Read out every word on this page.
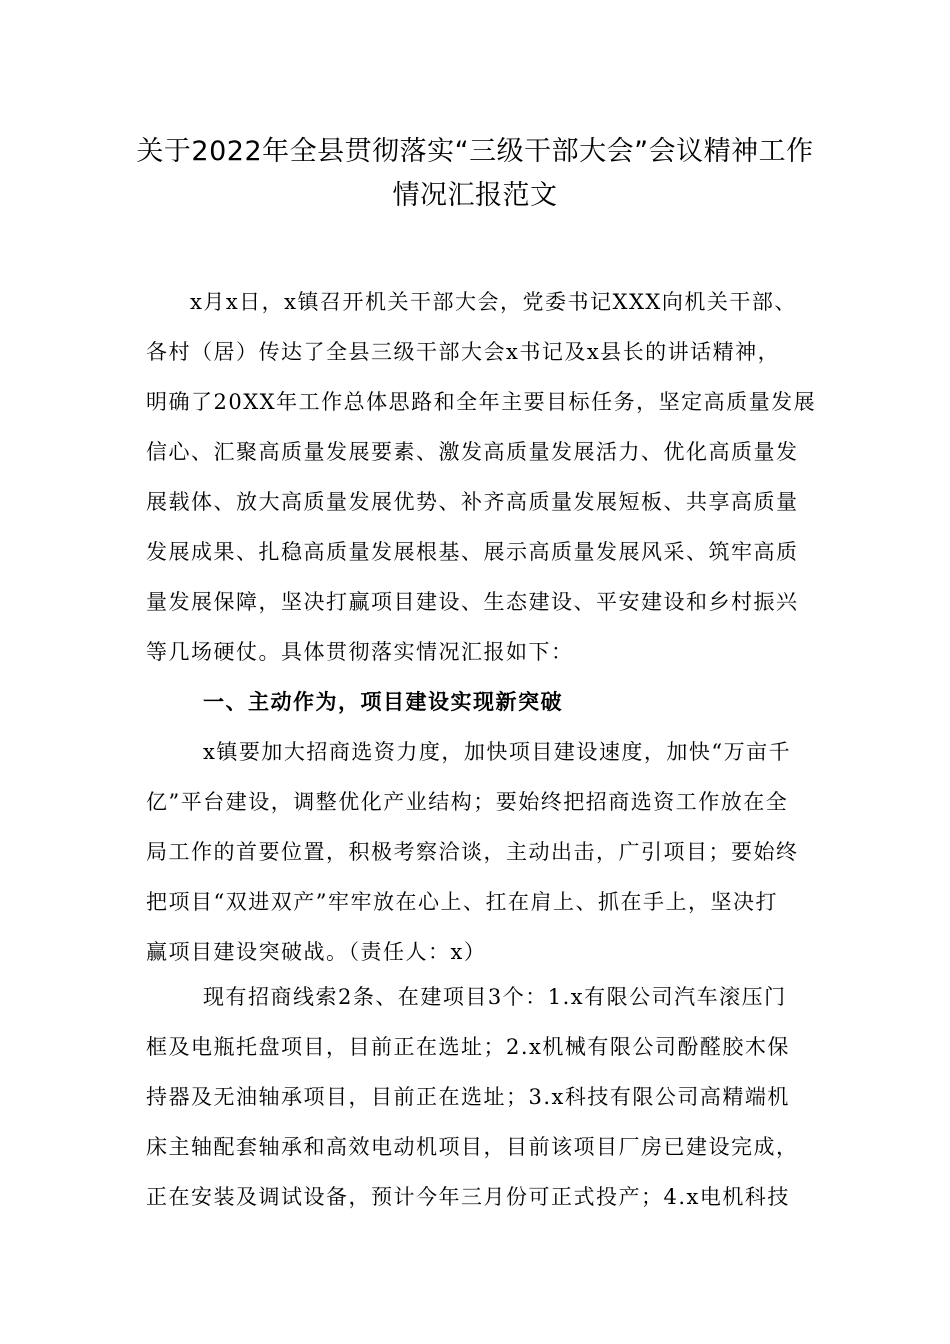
关于2022年全县贯彻落实“三级干部大会”会议精神工作
情况汇报范文
x月x日，x镇召开机关干部大会，党委书记XXX向机关干部、
各村（居）传达了全县三级干部大会x书记及x县长的讲话精神，
明确了20XX年工作总体思路和全年主要目标任务，坚定高质量发展
信心、汇聚高质量发展要素、激发高质量发展活力、优化高质量发
展载体、放大高质量发展优势、补齐高质量发展短板、共享高质量
发展成果、扎稳高质量发展根基、展示高质量发展风采、筑牢高质
量发展保障，坚决打赢项目建设、生态建设、平安建设和乡村振兴
等几场硬仗。具体贯彻落实情况汇报如下：
一、主动作为，项目建设实现新突破
x镇要加大招商选资力度，加快项目建设速度，加快“万亩千
亿”平台建设，调整优化产业结构；要始终把招商选资工作放在全
局工作的首要位置，积极考察洽谈，主动出击，广引项目；要始终
把项目“双进双产”牢牢放在心上、扛在肩上、抓在手上，坚决打
赢项目建设突破战。（责任人：x）
现有招商线索2条、在建项目3个：1.x有限公司汽车滚压门
框及电瓶托盘项目，目前正在选址；2.x机械有限公司酚醛胶木保
持器及无油轴承项目，目前正在选址；3.x科技有限公司高精端机
床主轴配套轴承和高效电动机项目，目前该项目厂房已建设完成，
正在安装及调试设备，预计今年三月份可正式投产；4.x电机科技
